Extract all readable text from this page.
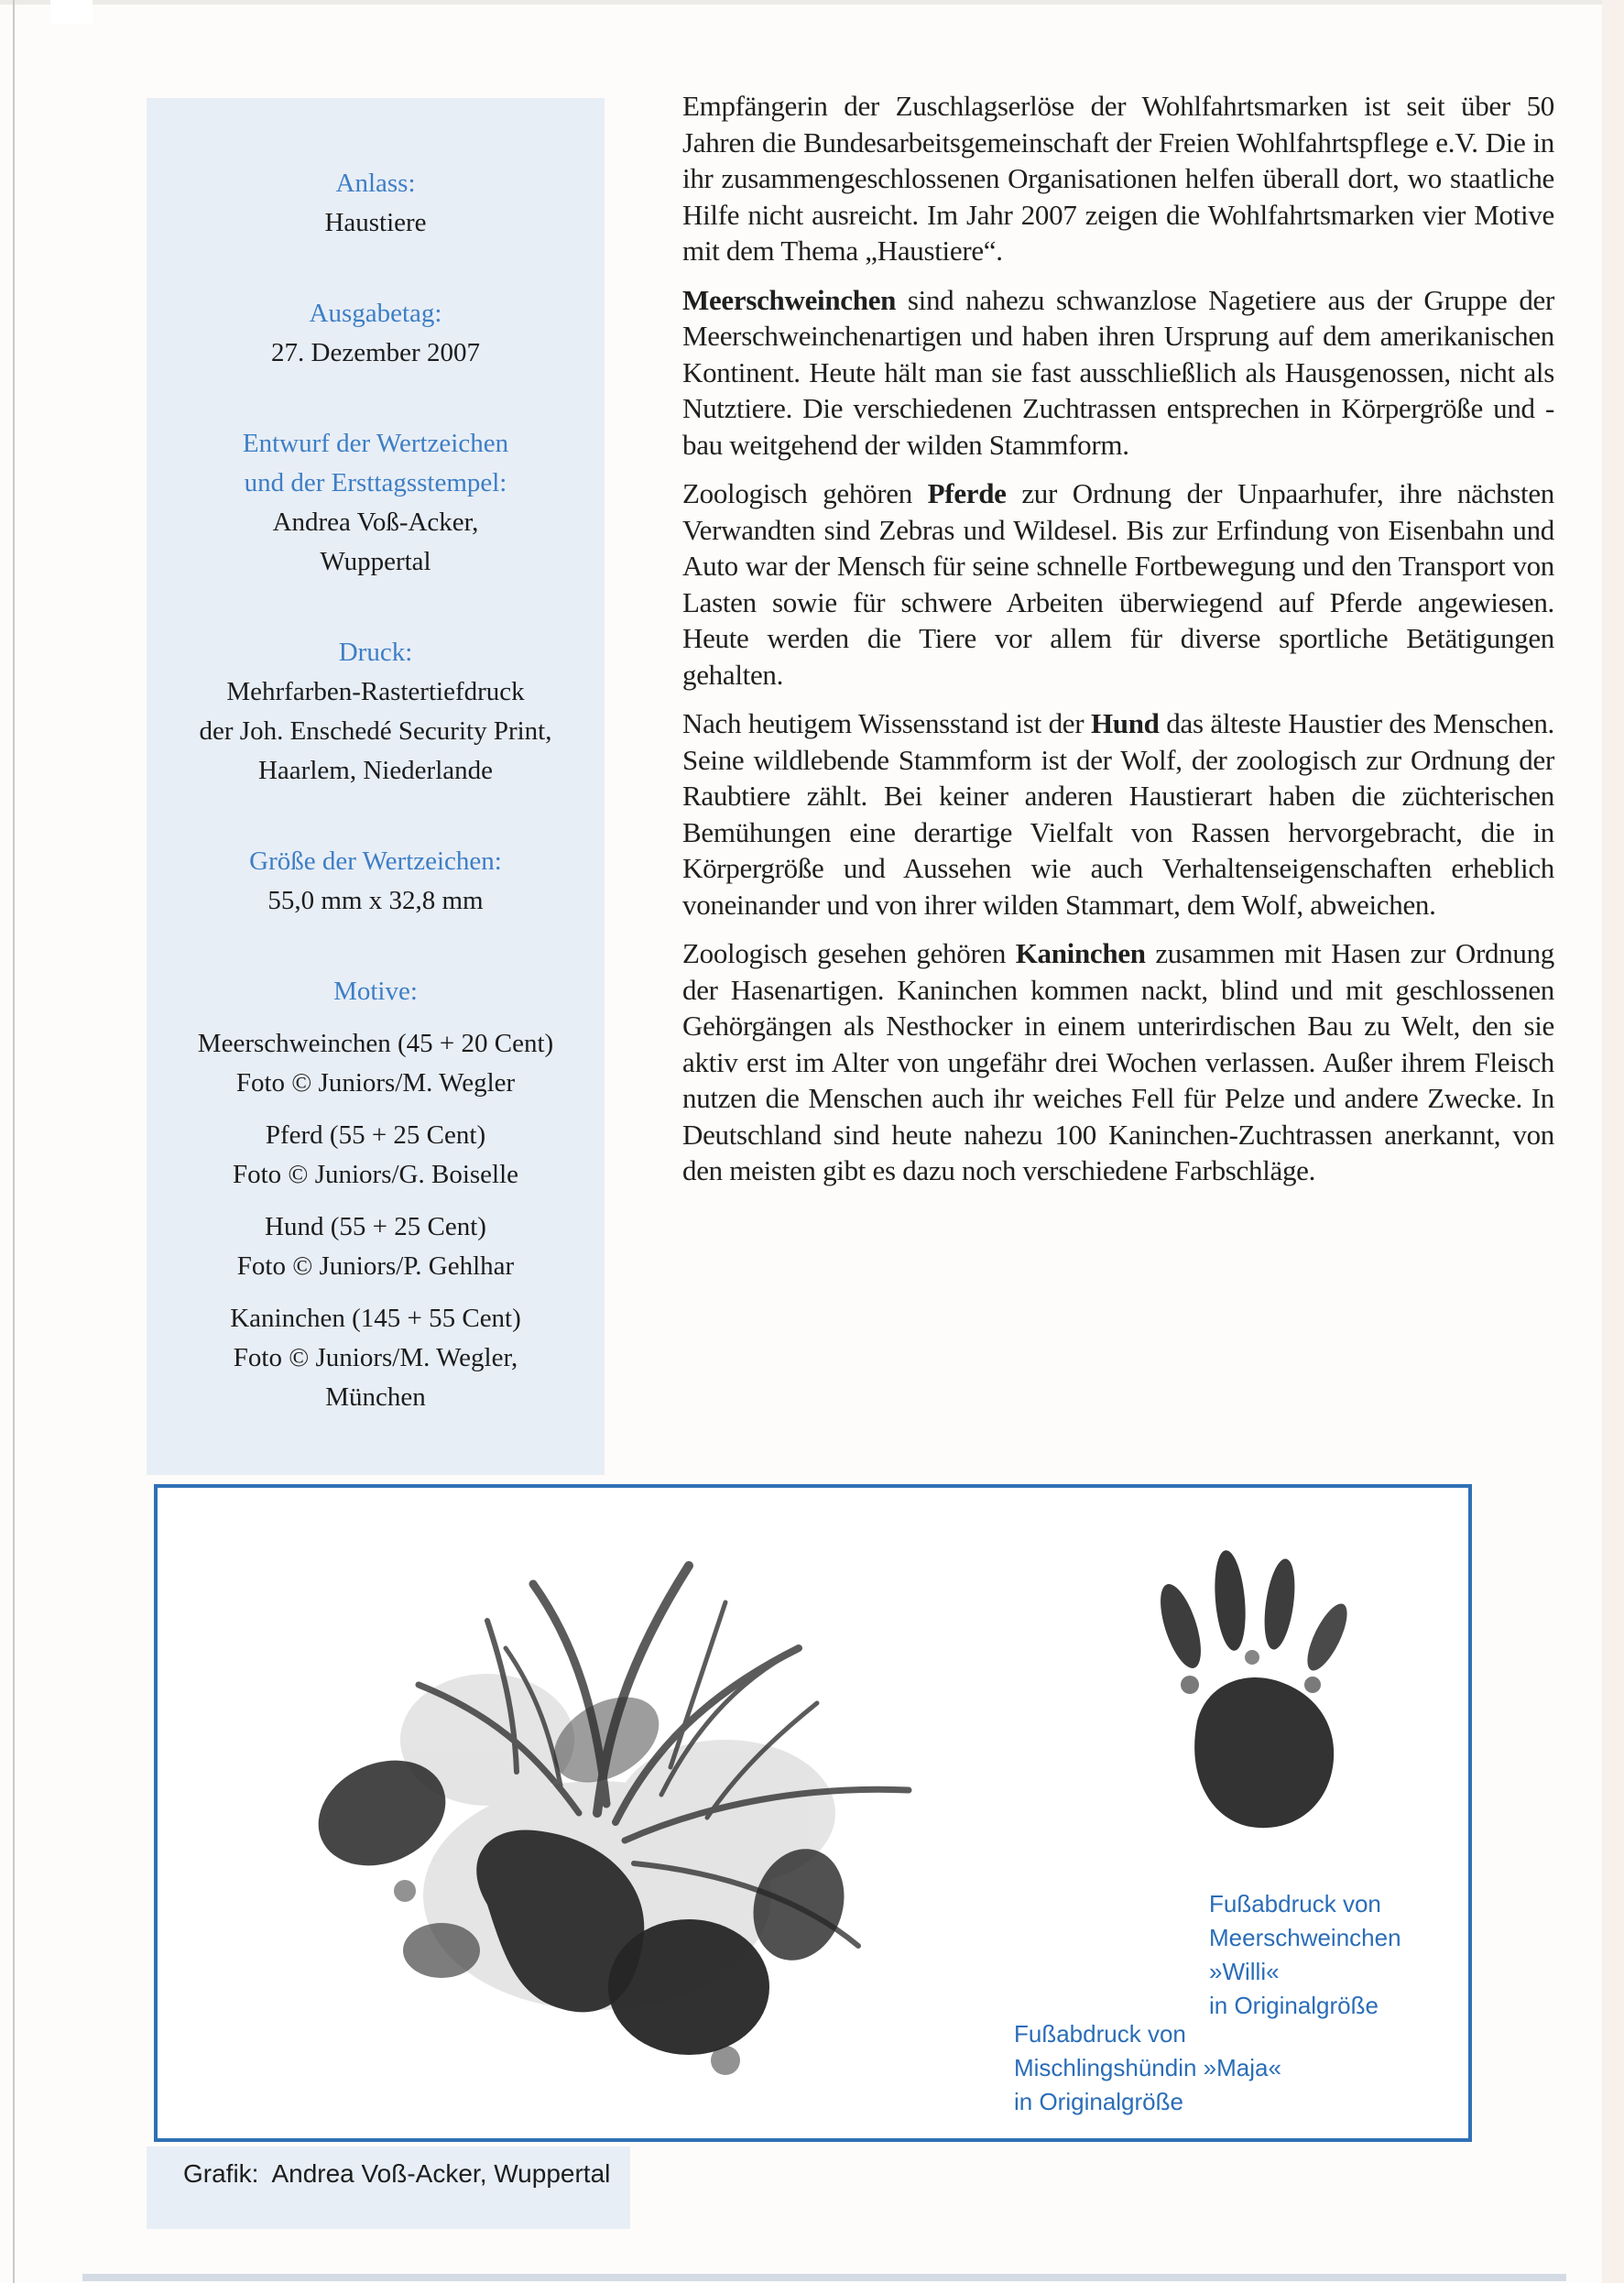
Anlass:
Haustiere
Ausgabetag:
27. Dezember 2007
Entwurf der Wertzeichen
und der Ersttagsstempel:
Andrea Voß-Acker,
Wuppertal
Druck:
Mehrfarben-Rastertiefdruck
der Joh. Enschedé Security Print,
Haarlem, Niederlande
Größe der Wertzeichen:
55,0 mm x 32,8 mm
Motive:
Meerschweinchen (45 + 20 Cent)
Foto © Juniors/M. Wegler
Pferd (55 + 25 Cent)
Foto © Juniors/G. Boiselle
Hund (55 + 25 Cent)
Foto © Juniors/P. Gehlhar
Kaninchen (145 + 55 Cent)
Foto © Juniors/M. Wegler,
München

Empfängerin der Zuschlagserlöse der Wohlfahrtsmarken ist seit über 50 Jahren die Bundesarbeitsgemeinschaft der Freien Wohlfahrtspflege e.V. Die in ihr zusammengeschlossenen Organisationen helfen überall dort, wo staatliche Hilfe nicht ausreicht. Im Jahr 2007 zeigen die Wohlfahrtsmarken vier Motive mit dem Thema „Haustiere“.

Meerschweinchen sind nahezu schwanzlose Nagetiere aus der Gruppe der Meerschweinchenartigen und haben ihren Ursprung auf dem amerikanischen Kontinent. Heute hält man sie fast ausschließlich als Hausgenossen, nicht als Nutztiere. Die verschiedenen Zuchtrassen entsprechen in Körpergröße und -bau weitgehend der wilden Stammform.

Zoologisch gehören Pferde zur Ordnung der Unpaarhufer, ihre nächsten Verwandten sind Zebras und Wildesel. Bis zur Erfindung von Eisenbahn und Auto war der Mensch für seine schnelle Fortbewegung und den Transport von Lasten sowie für schwere Arbeiten überwiegend auf Pferde angewiesen. Heute werden die Tiere vor allem für diverse sportliche Betätigungen gehalten.

Nach heutigem Wissensstand ist der Hund das älteste Haustier des Menschen. Seine wildlebende Stammform ist der Wolf, der zoologisch zur Ordnung der Raubtiere zählt. Bei keiner anderen Haustierart haben die züchterischen Bemühungen eine derartige Vielfalt von Rassen hervorgebracht, die in Körpergröße und Aussehen wie auch Verhaltenseigenschaften erheblich voneinander und von ihrer wilden Stammart, dem Wolf, abweichen.

Zoologisch gesehen gehören Kaninchen zusammen mit Hasen zur Ordnung der Hasenartigen. Kaninchen kommen nackt, blind und mit geschlossenen Gehörgängen als Nesthocker in einem unterirdischen Bau zu Welt, den sie aktiv erst im Alter von ungefähr drei Wochen verlassen. Außer ihrem Fleisch nutzen die Menschen auch ihr weiches Fell für Pelze und andere Zwecke. In Deutschland sind heute nahezu 100 Kaninchen-Zuchtrassen anerkannt, von den meisten gibt es dazu noch verschiedene Farbschläge.

Fußabdruck von
Meerschweinchen »Willi«
in Originalgröße
Fußabdruck von
Mischlingshündin »Maja«
in Originalgröße
Grafik: Andrea Voß-Acker, Wuppertal
